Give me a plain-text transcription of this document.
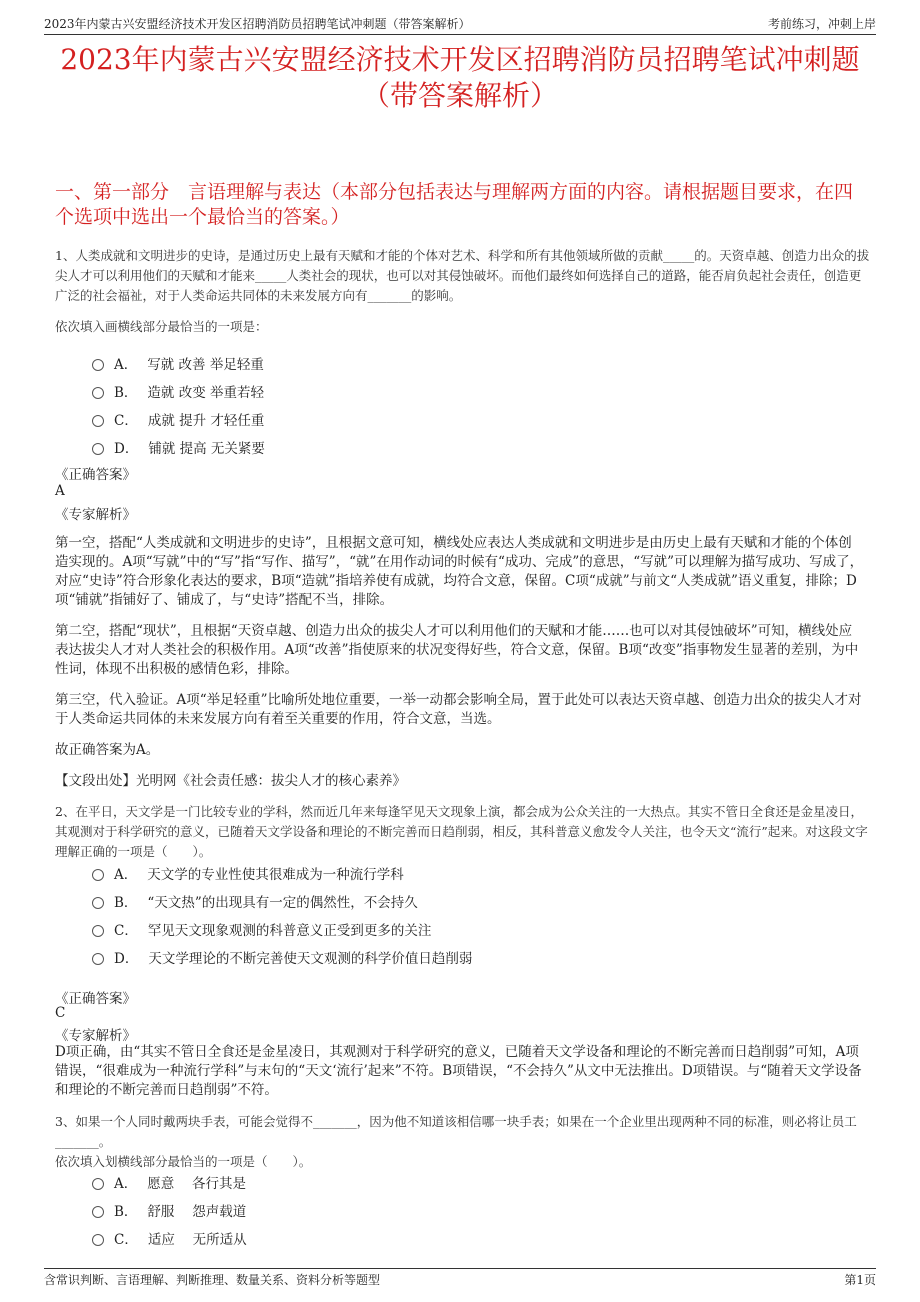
2023年内蒙古兴安盟经济技术开发区招聘消防员招聘笔试冲刺题（带答案解析）	考前练习，冲刺上岸
2023年内蒙古兴安盟经济技术开发区招聘消防员招聘笔试冲刺题（带答案解析）
一、第一部分　言语理解与表达（本部分包括表达与理解两方面的内容。请根据题目要求，在四个选项中选出一个最恰当的答案。）
1、人类成就和文明进步的史诗，是通过历史上最有天赋和才能的个体对艺术、科学和所有其他领域所做的贡献_____的。天资卓越、创造力出众的拔尖人才可以利用他们的天赋和才能来_____人类社会的现状，也可以对其侵蚀破坏。而他们最终如何选择自己的道路，能否肩负起社会责任，创造更广泛的社会福祉，对于人类命运共同体的未来发展方向有_______的影响。
依次填入画横线部分最恰当的一项是：
A． 写就 改善 举足轻重
B． 造就 改变 举重若轻
C． 成就 提升 才轻任重
D． 铺就 提高 无关紧要
《正确答案》
A
《专家解析》
第一空，搭配“人类成就和文明进步的史诗”，且根据文意可知，横线处应表达人类成就和文明进步是由历史上最有天赋和才能的个体创造实现的。A项“写就”中的“写”指“写作、描写”，“就”在用作动词的时候有“成功、完成”的意思，“写就”可以理解为描写成功、写成了，对应“史诗”符合形象化表达的要求，B项“造就”指培养使有成就，均符合文意，保留。C项“成就”与前文“人类成就”语义重复，排除；D项“铺就”指铺好了、铺成了，与“史诗”搭配不当，排除。
第二空，搭配“现状”，且根据“天资卓越、创造力出众的拔尖人才可以利用他们的天赋和才能……也可以对其侵蚀破坏”可知，横线处应表达拔尖人才对人类社会的积极作用。A项“改善”指使原来的状况变得好些，符合文意，保留。B项“改变”指事物发生显著的差别，为中性词，体现不出积极的感情色彩，排除。
第三空，代入验证。A项“举足轻重”比喻所处地位重要，一举一动都会影响全局，置于此处可以表达天资卓越、创造力出众的拔尖人才对于人类命运共同体的未来发展方向有着至关重要的作用，符合文意，当选。
故正确答案为A。
【文段出处】光明网《社会责任感：拔尖人才的核心素养》
2、在平日，天文学是一门比较专业的学科，然而近几年来每逢罕见天文现象上演，都会成为公众关注的一大热点。其实不管日全食还是金星凌日，其观测对于科学研究的意义，已随着天文学设备和理论的不断完善而日趋削弱，相反，其科普意义愈发令人关注，也令天文“流行”起来。对这段文字理解正确的一项是（　　）。
A． 天文学的专业性使其很难成为一种流行学科
B． “天文热”的出现具有一定的偶然性，不会持久
C． 罕见天文现象观测的科普意义正受到更多的关注
D． 天文学理论的不断完善使天文观测的科学价值日趋削弱
《正确答案》
C
《专家解析》
D项正确，由“其实不管日全食还是金星凌日，其观测对于科学研究的意义，已随着天文学设备和理论的不断完善而日趋削弱”可知，A项错误，“很难成为一种流行学科”与末句的“天文‘流行’起来”不符。B项错误，“不会持久”从文中无法推出。D项错误。与“随着天文学设备和理论的不断完善而日趋削弱”不符。
3、如果一个人同时戴两块手表，可能会觉得不_______，因为他不知道该相信哪一块手表；如果在一个企业里出现两种不同的标准，则必将让员工_______。
依次填入划横线部分最恰当的一项是（　　）。
A． 愿意　 各行其是
B． 舒服　 怨声载道
C． 适应　 无所适从
含常识判断、言语理解、判断推理、数量关系、资料分析等题型	第1页
